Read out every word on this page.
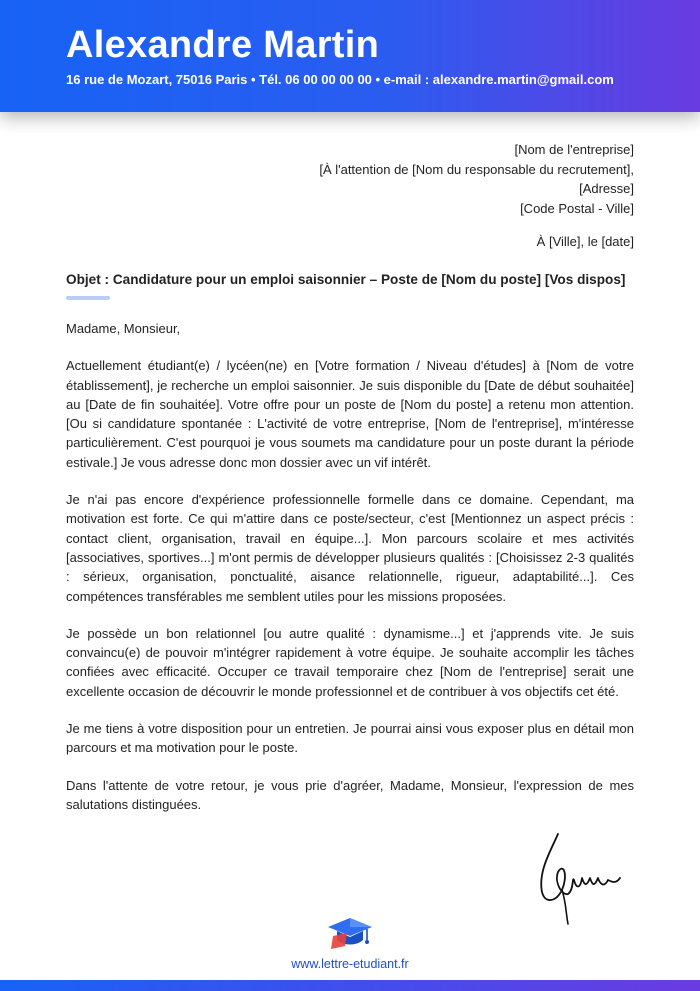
Alexandre Martin
16 rue de Mozart, 75016 Paris • Tél. 06 00 00 00 00 • e-mail : alexandre.martin@gmail.com
[Nom de l'entreprise]
[À l'attention de [Nom du responsable du recrutement],
[Adresse]
[Code Postal - Ville]
À [Ville], le [date]
Objet : Candidature pour un emploi saisonnier – Poste de [Nom du poste] [Vos dispos]

Madame, Monsieur,

Actuellement étudiant(e) / lycéen(ne) en [Votre formation / Niveau d'études] à [Nom de votre établissement], je recherche un emploi saisonnier. Je suis disponible du [Date de début souhaitée] au [Date de fin souhaitée]. Votre offre pour un poste de [Nom du poste] a retenu mon attention. [Ou si candidature spontanée : L'activité de votre entreprise, [Nom de l'entreprise], m'intéresse particulièrement. C'est pourquoi je vous soumets ma candidature pour un poste durant la période estivale.] Je vous adresse donc mon dossier avec un vif intérêt.

Je n'ai pas encore d'expérience professionnelle formelle dans ce domaine. Cependant, ma motivation est forte. Ce qui m'attire dans ce poste/secteur, c'est [Mentionnez un aspect précis : contact client, organisation, travail en équipe...]. Mon parcours scolaire et mes activités [associatives, sportives...] m'ont permis de développer plusieurs qualités : [Choisissez 2-3 qualités : sérieux, organisation, ponctualité, aisance relationnelle, rigueur, adaptabilité...]. Ces compétences transférables me semblent utiles pour les missions proposées.

Je possède un bon relationnel [ou autre qualité : dynamisme...] et j'apprends vite. Je suis convaincu(e) de pouvoir m'intégrer rapidement à votre équipe. Je souhaite accomplir les tâches confiées avec efficacité. Occuper ce travail temporaire chez [Nom de l'entreprise] serait une excellente occasion de découvrir le monde professionnel et de contribuer à vos objectifs cet été.

Je me tiens à votre disposition pour un entretien. Je pourrai ainsi vous exposer plus en détail mon parcours et ma motivation pour le poste.

Dans l'attente de votre retour, je vous prie d'agréer, Madame, Monsieur, l'expression de mes salutations distinguées.

www.lettre-etudiant.fr
